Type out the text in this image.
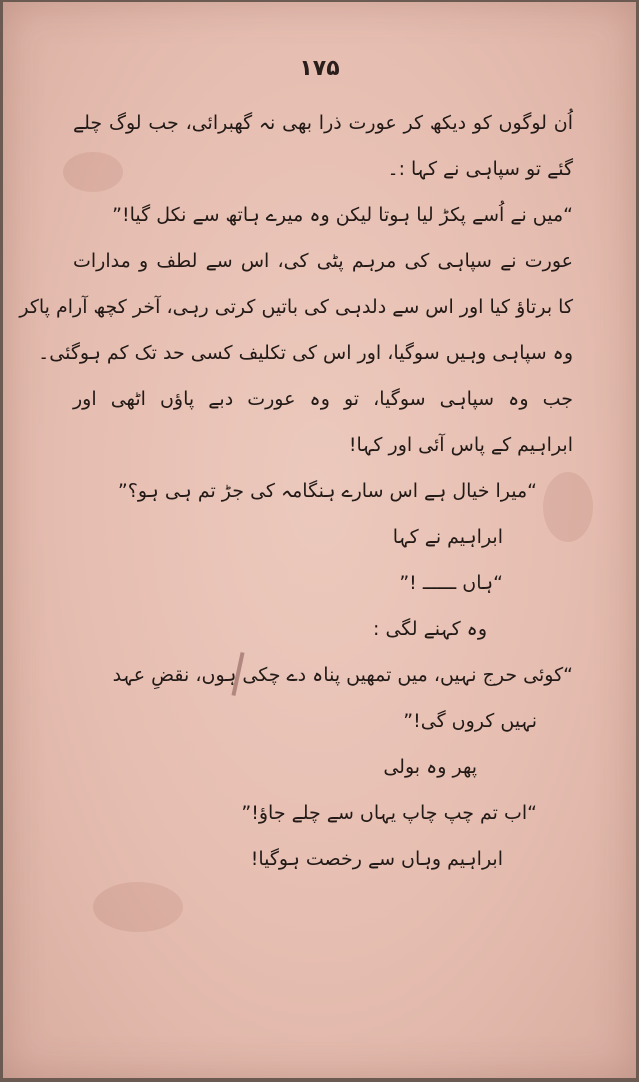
۱۷۵
اُن لوگوں کو دیکھ کر عورت ذرا بھی نہ گھبرائی، جب لوگ چلے
گئے تو سپاہی نے کہا :۔
“میں نے اُسے پکڑ لیا ہوتا لیکن وہ میرے ہاتھ سے نکل گیا!”
عورت نے سپاہی کی مرہم پٹی کی، اس سے لطف و مدارات
کا برتاؤ کیا اور اس سے دلدہی کی باتیں کرتی رہی، آخر کچھ آرام پاکر
وہ سپاہی وہیں سوگیا، اور اس کی تکلیف کسی حد تک کم ہوگئی۔
جب وہ سپاہی سوگیا، تو وہ عورت دبے پاؤں اٹھی اور
ابراہیم کے پاس آئی اور کہا!
“میرا خیال ہے اس سارے ہنگامہ کی جڑ تم ہی ہو؟”
ابراہیم نے کہا
“ہاں ــــــ !”
وہ کہنے لگی :
“کوئی حرج نہیں، میں تمھیں پناہ دے چکی ہوں، نقضِ عہد
نہیں کروں گی!”
پھر وہ بولی
“اب تم چپ چاپ یہاں سے چلے جاؤ!”
ابراہیم وہاں سے رخصت ہوگیا!
